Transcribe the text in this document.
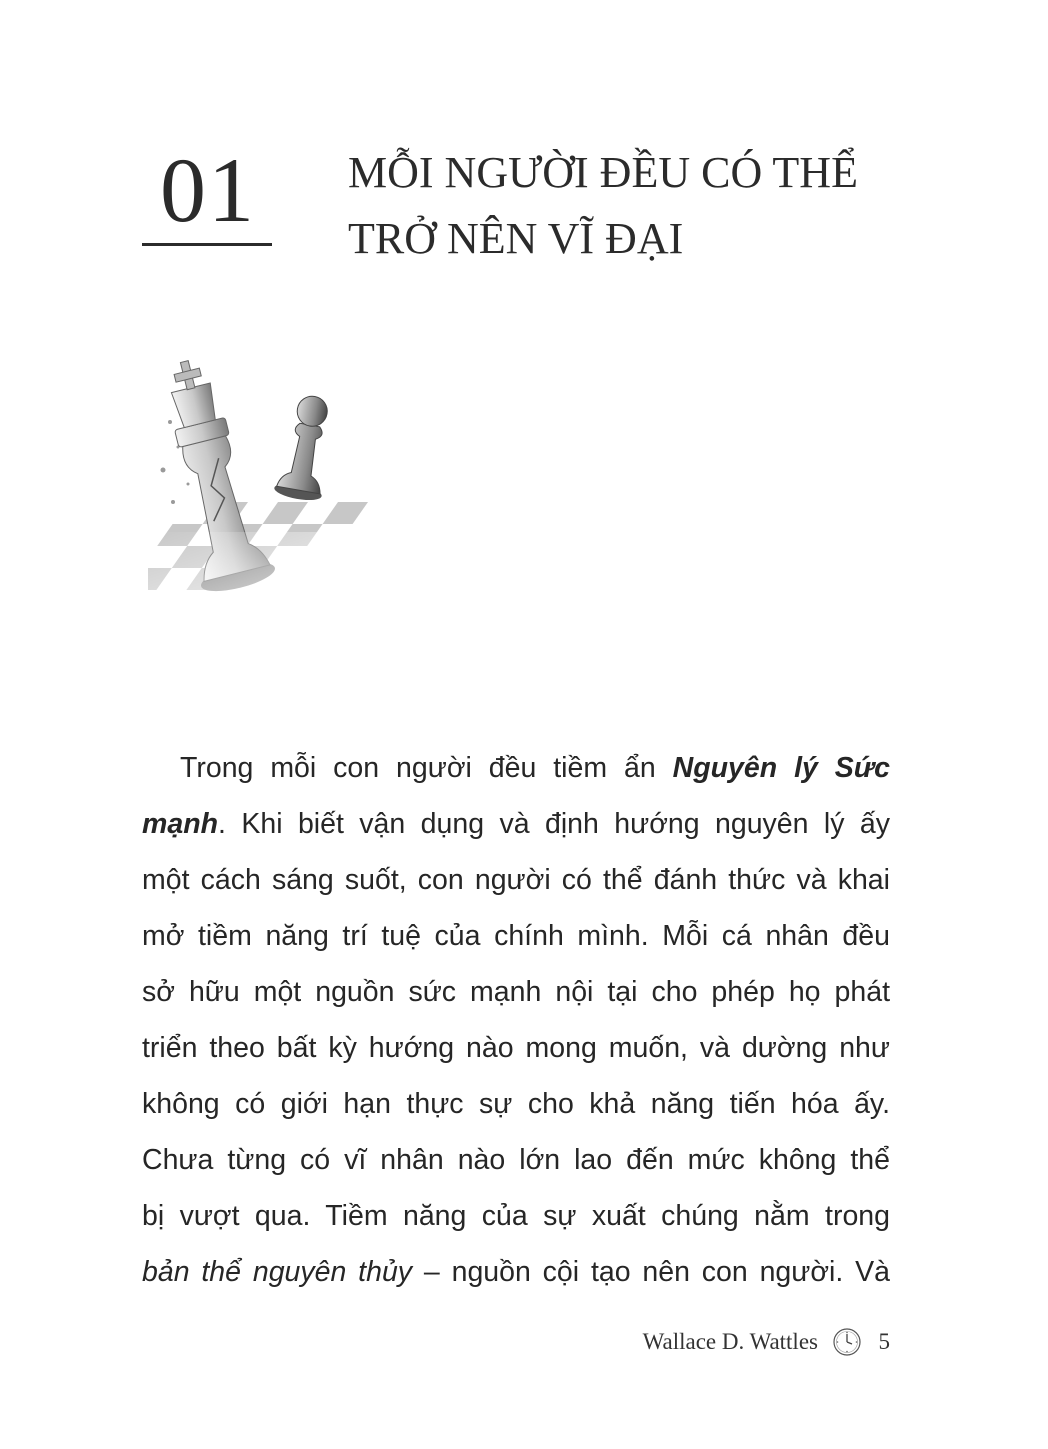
01	MỖI NGƯỜI ĐỀU CÓ THỂ
TRỞ NÊN VĨ ĐẠI
Trong mỗi con người đều tiềm ẩn Nguyên lý Sức
mạnh. Khi biết vận dụng và định hướng nguyên lý ấy
một cách sáng suốt, con người có thể đánh thức và khai
mở tiềm năng trí tuệ của chính mình. Mỗi cá nhân đều
sở hữu một nguồn sức mạnh nội tại cho phép họ phát
triển theo bất kỳ hướng nào mong muốn, và dường như
không có giới hạn thực sự cho khả năng tiến hóa ấy.
Chưa từng có vĩ nhân nào lớn lao đến mức không thể
bị vượt qua. Tiềm năng của sự xuất chúng nằm trong
bản thể nguyên thủy – nguồn cội tạo nên con người. Và
Wallace D. Wattles	5
